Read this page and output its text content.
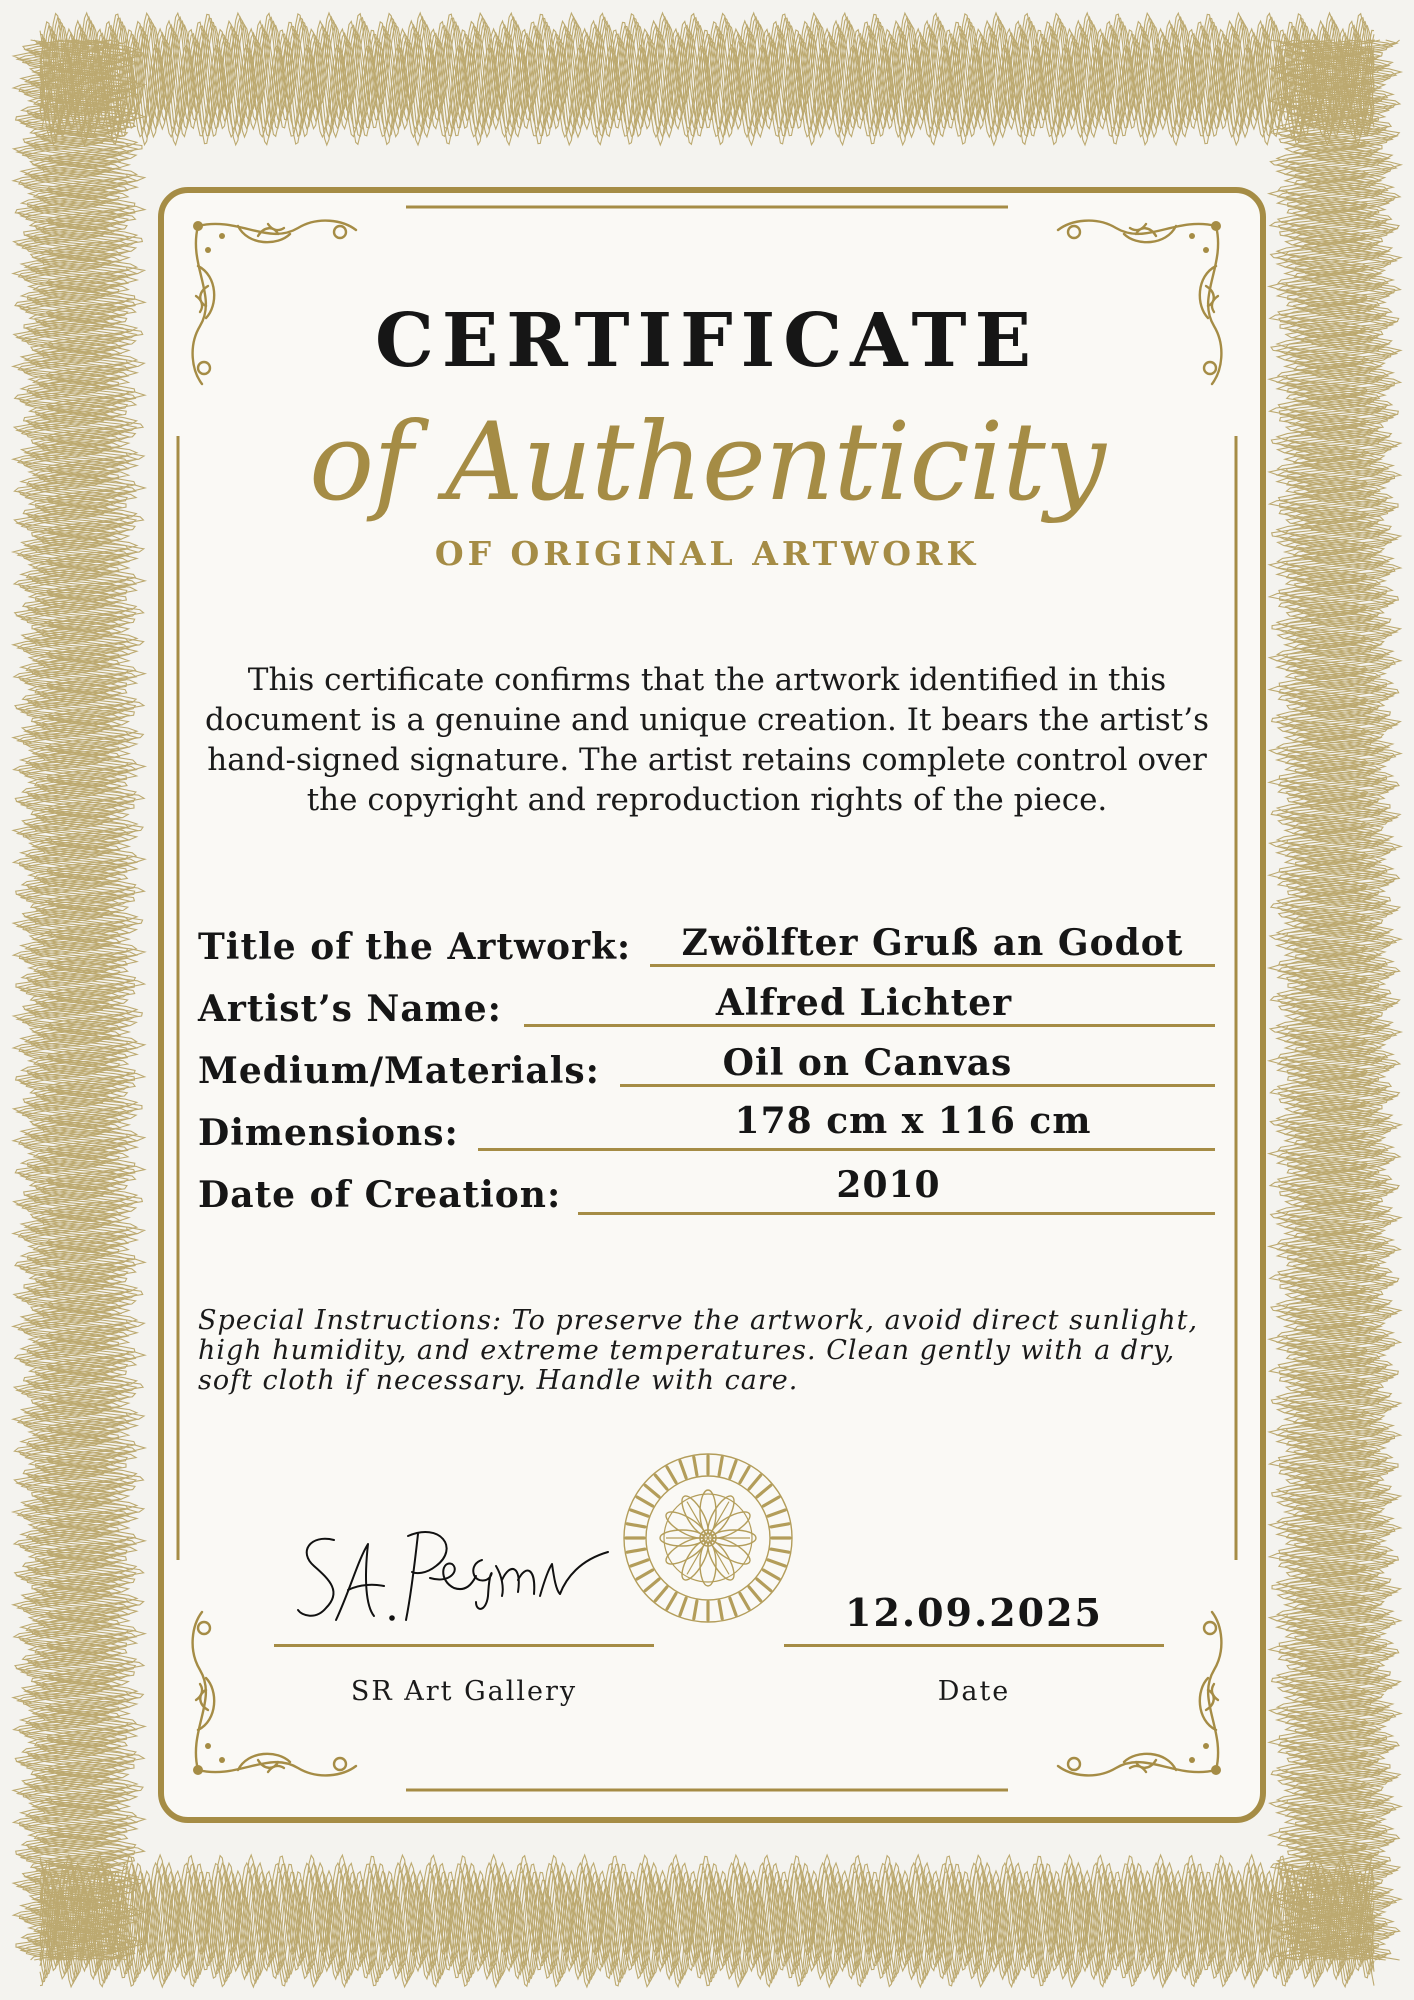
CERTIFICATE
of Authenticity
OF ORIGINAL ARTWORK
This certificate confirms that the artwork identified in this document is a genuine and unique creation. It bears the artist’s hand-signed signature. The artist retains complete control over the copyright and reproduction rights of the piece.
Title of the Artwork:	Zwölfter Gruß an Godot
Artist’s Name:	Alfred Lichter
Medium/Materials:	Oil on Canvas
Dimensions:	178 cm x 116 cm
Date of Creation:	2010
Special Instructions: To preserve the artwork, avoid direct sunlight, high humidity, and extreme temperatures. Clean gently with a dry, soft cloth if necessary. Handle with care.
SR Art Gallery
12.09.2025
Date
